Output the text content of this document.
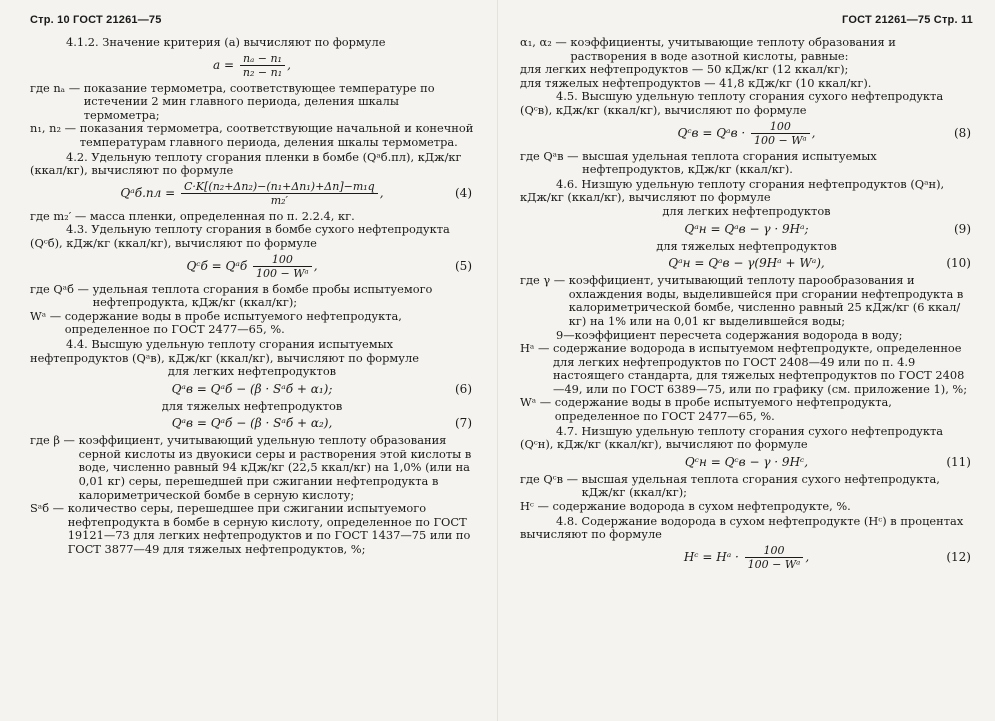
Стр. 10 ГОСТ 21261—75

4.1.2. Значение критерия (a) вычисляют по формуле

$a = \frac{\text{nₐ − n₁}}{\text{n₂ − n₁}}$ ,
где nₐ — показание термометра, соответствующее температуре по истечении 2 мин главного периода, деления шкалы термометра;
n₁, n₂ — показания термометра, соответствующие начальной и конечной температурам главного периода, деления шкалы термометра.

4.2. Удельную теплоту сгорания пленки в бомбе (Qᵃб.пл), кДж/кг (ккал/кг), вычисляют по формуле

Qᵃб.пл = $\frac{\text{C·K[(n₂+Δn₂)−(n₁+Δn₁)+Δn]−m₁q}}{\text{m₂′}}$ ,	(4)

где m₂′ — масса пленки, определенная по п. 2.2.4, кг.

4.3. Удельную теплоту сгорания в бомбе сухого нефтепродукта (Qᶜб), кДж/кг (ккал/кг), вычисляют по формуле

Qᶜб = Qᵃб $\frac{100}{\text{100 − Wᵃ}}$ ,	(5)
где Qᵃб — удельная теплота сгорания в бомбе пробы испытуемого нефтепродукта, кДж/кг (ккал/кг);
Wᵃ — содержание воды в пробе испытуемого нефтепродукта, определенное по ГОСТ 2477—65, %.

4.4. Высшую удельную теплоту сгорания испытуемых нефтепродуктов (Qᵃв), кДж/кг (ккал/кг), вычисляют по формуле

для легких нефтепродуктов

Qᵃв = Qᵃб − (β · Sᵃб + α₁);	(6)

для тяжелых нефтепродуктов

Qᵃв = Qᵃб − (β · Sᵃб + α₂),	(7)
где β — коэффициент, учитывающий удельную теплоту образования серной кислоты из двуокиси серы и растворения этой кислоты в воде, численно равный 94 кДж/кг (22,5 ккал/кг) на 1,0% (или на 0,01 кг) серы, перешедшей при сжигании нефтепродукта в калориметрической бомбе в серную кислоту;
Sᵃб — количество серы, перешедшее при сжигании испытуемого нефтепродукта в бомбе в серную кислоту, определенное по ГОСТ 19121—73 для легких нефтепродуктов и по ГОСТ 1437—75 или по ГОСТ 3877—49 для тяжелых нефтепродуктов, %;
ГОСТ 21261—75 Стр. 11
α₁, α₂ — коэффициенты, учитывающие теплоту образования и растворения в воде азотной кислоты, равные:

для легких нефтепродуктов — 50 кДж/кг (12 ккал/кг);

для тяжелых нефтепродуктов — 41,8 кДж/кг (10 ккал/кг).

4.5. Высшую удельную теплоту сгорания сухого нефтепродукта (Qᶜв), кДж/кг (ккал/кг), вычисляют по формуле

Qᶜв = Qᵃв · $\frac{100}{\text{100 − Wᵃ}}$ ,	(8)
где Qᵃв — высшая удельная теплота сгорания испытуемых нефтепродуктов, кДж/кг (ккал/кг).

4.6. Низшую удельную теплоту сгорания нефтепродуктов (Qᵃн), кДж/кг (ккал/кг), вычисляют по формуле

для легких нефтепродуктов

Qᵃн = Qᵃв − γ · 9Hᵃ;	(9)

для тяжелых нефтепродуктов

Qᵃн = Qᵃв − γ(9Hᵃ + Wᵃ),	(10)
где γ — коэффициент, учитывающий теплоту парообразования и охлаждения воды, выделившейся при сгорании нефтепродукта в калориметрической бомбе, численно равный 25 кДж/кг (6 ккал/кг) на 1% или на 0,01 кг выделившейся воды;

9—коэффициент пересчета содержания водорода в воду;

Hᵃ — содержание водорода в испытуемом нефтепродукте, определенное для легких нефтепродуктов по ГОСТ 2408—49 или по п. 4.9 настоящего стандарта, для тяжелых нефтепродуктов по ГОСТ 2408—49, или по ГОСТ 6389—75, или по графику (см. приложение 1), %;
Wᵃ — содержание воды в пробе испытуемого нефтепродукта, определенное по ГОСТ 2477—65, %.

4.7. Низшую удельную теплоту сгорания сухого нефтепродукта (Qᶜн), кДж/кг (ккал/кг), вычисляют по формуле

Qᶜн = Qᶜв − γ · 9Hᶜ,	(11)
где Qᶜв — высшая удельная теплота сгорания сухого нефтепродукта, кДж/кг (ккал/кг);
Hᶜ — содержание водорода в сухом нефтепродукте, %.

4.8. Содержание водорода в сухом нефтепродукте (Hᶜ) в процентах вычисляют по формуле

Hᶜ = Hᵃ · $\frac{100}{\text{100 − Wᵃ}}$ ,	(12)
